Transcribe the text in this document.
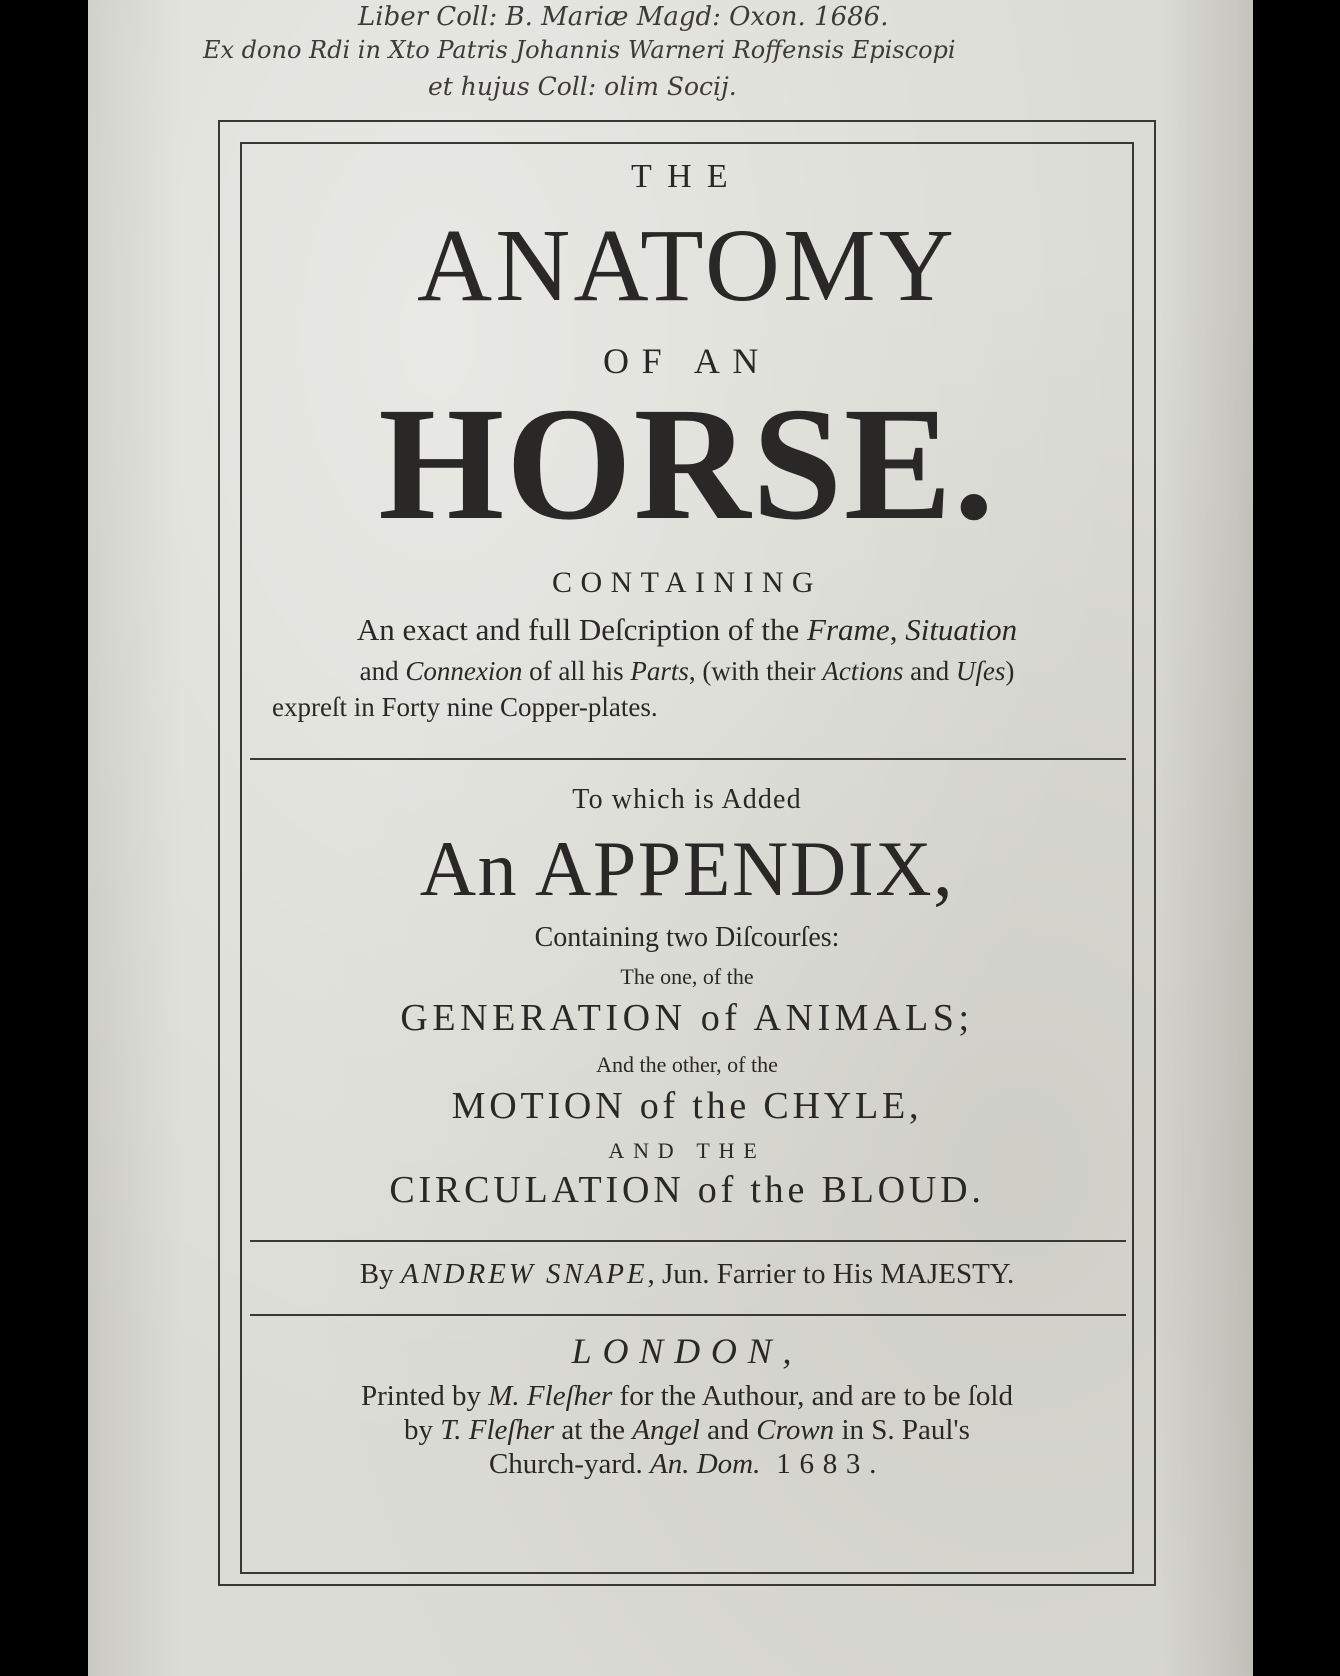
Liber Coll: B. Mariæ Magd: Oxon. 1686.
Ex dono Rdi in Xto Patris Johannis Warneri Roffensis Episcopi
et hujus Coll: olim Socij.
THE
ANATOMY
OF AN
HORSE.
CONTAINING
An exact and full Deſcription of the Frame, Situation
and Connexion of all his Parts, (with their Actions and Uſes)
expreſt in Forty nine Copper-plates.
To which is Added
An APPENDIX,
Containing two Diſcourſes:
The one, of the
GENERATION of ANIMALS;
And the other, of the
MOTION of the CHYLE,
AND THE
CIRCULATION of the BLOUD.
By ANDREW SNAPE, Jun. Farrier to His MAJESTY.
LONDON,
Printed by M. Fleſher for the Authour, and are to be ſold
by T. Fleſher at the Angel and Crown in S. Paul's
Church-yard. An. Dom. 1683.
